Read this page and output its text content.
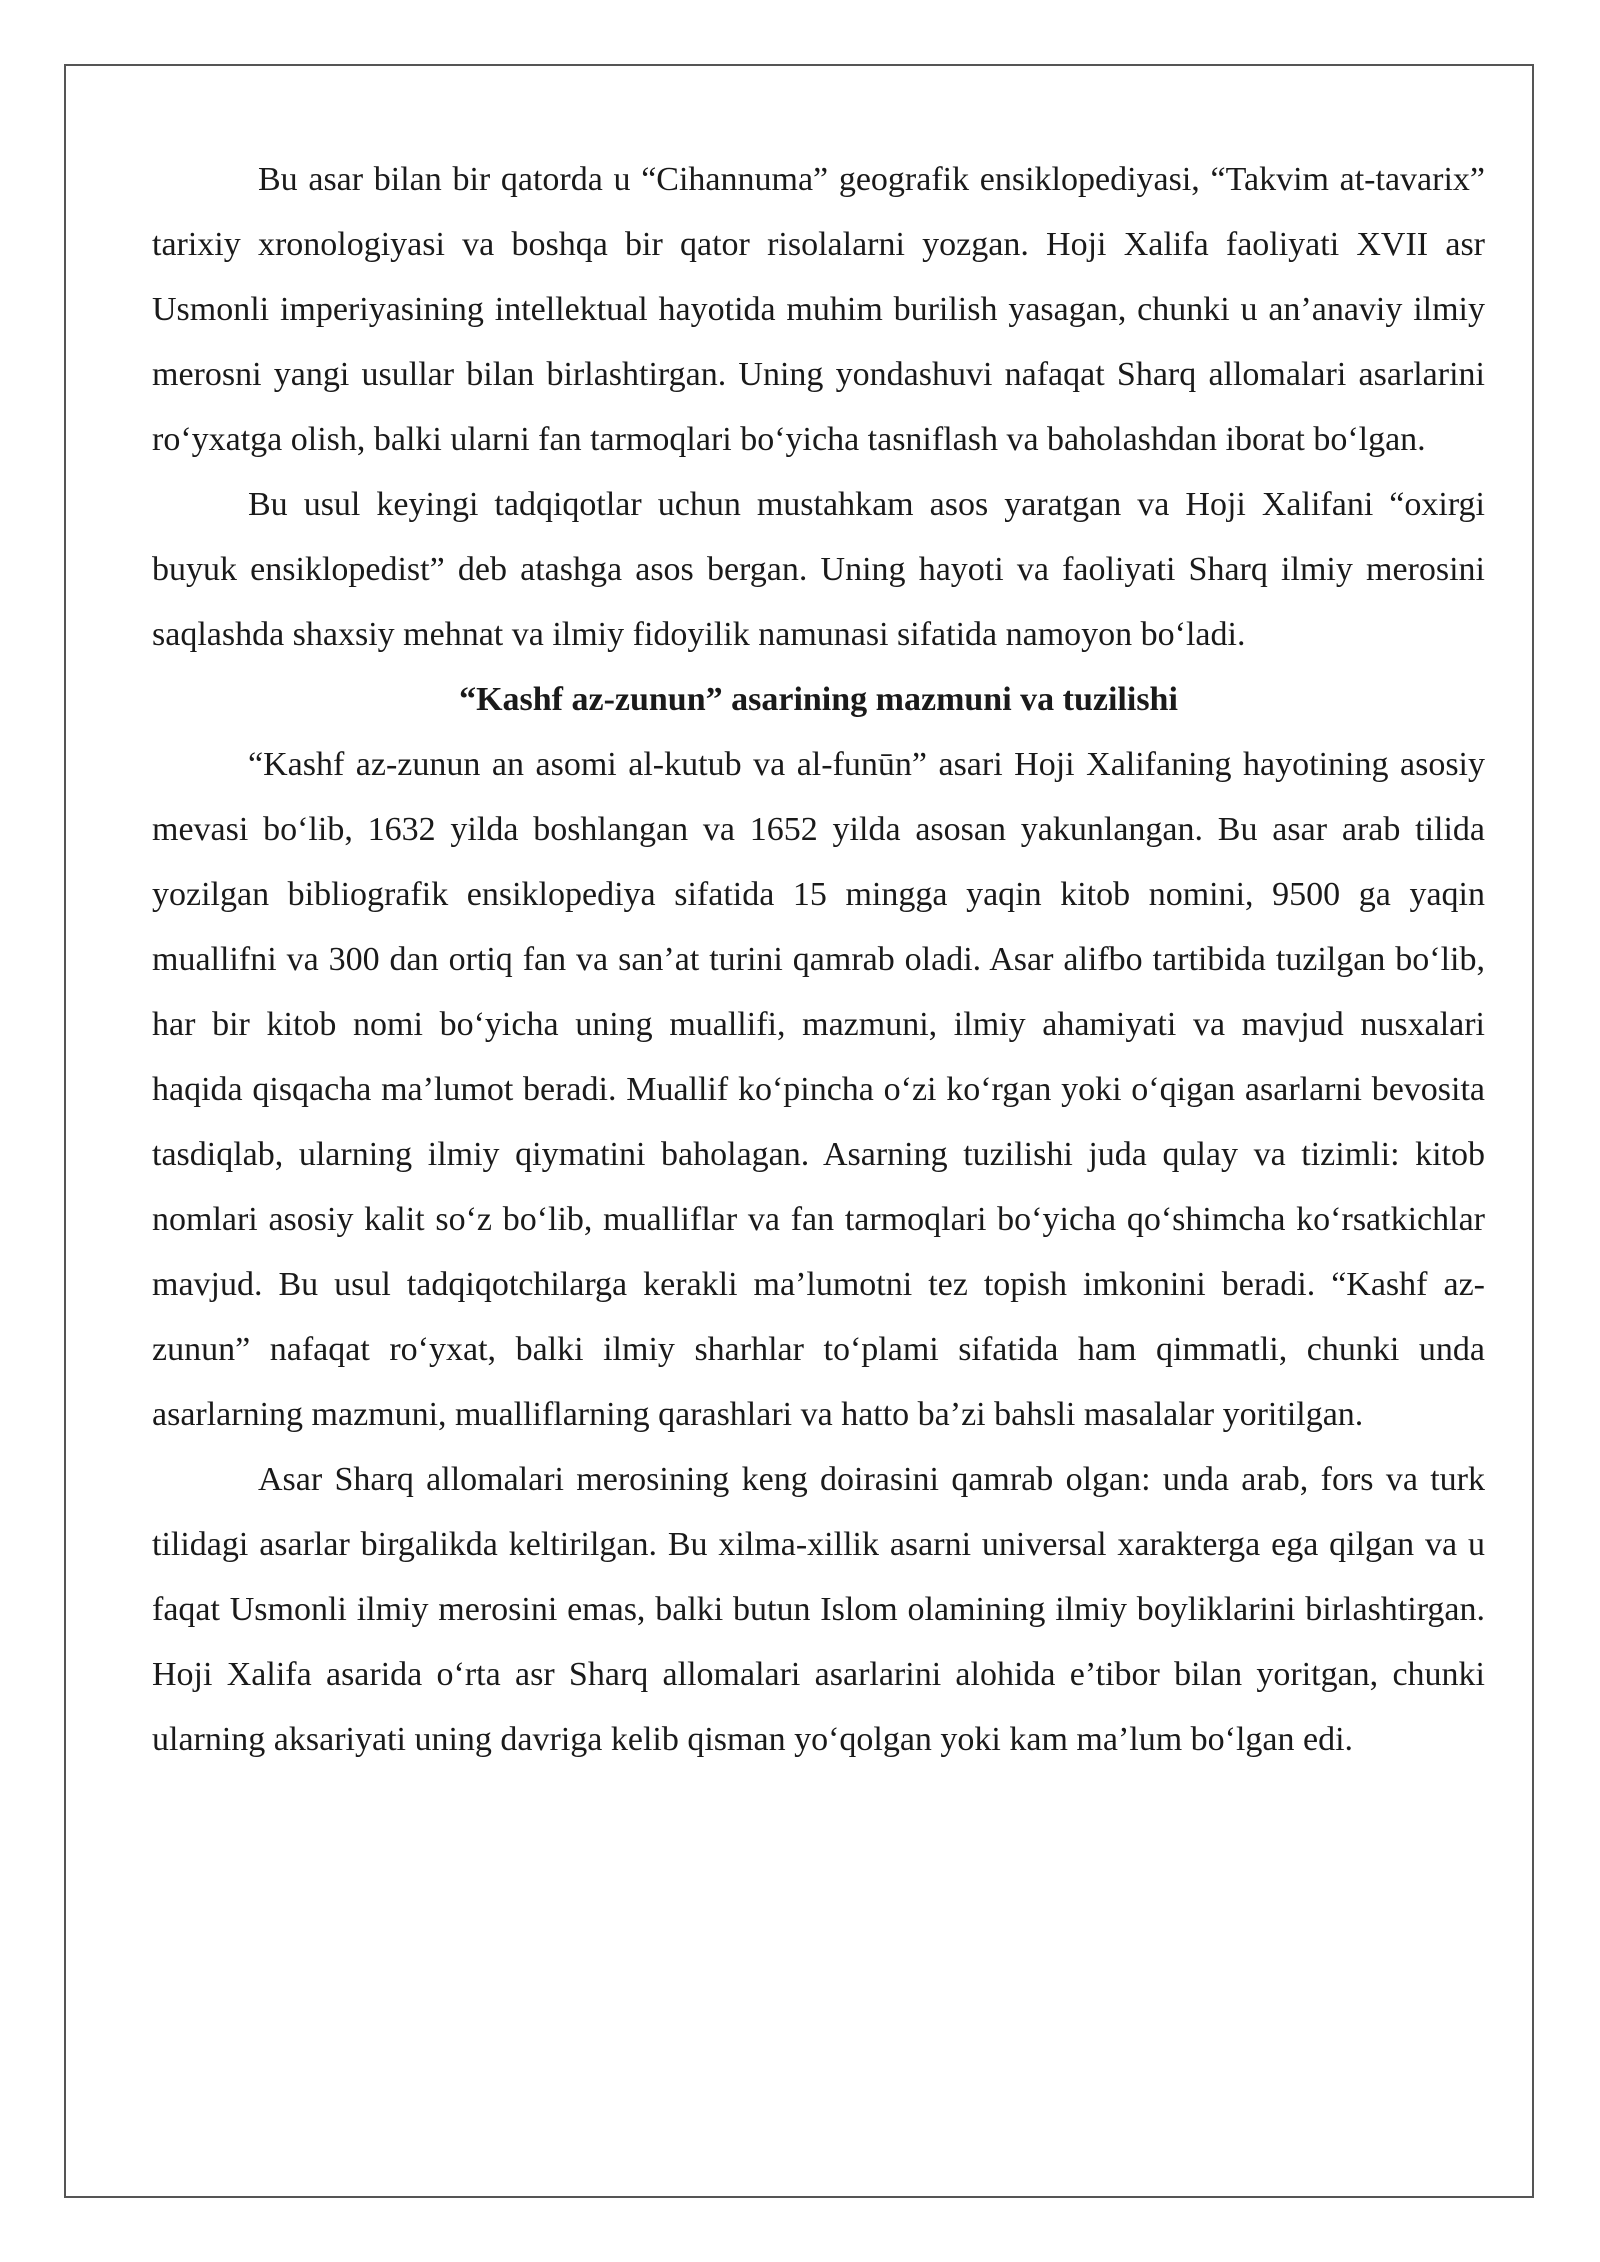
Bu asar bilan bir qatorda u “Cihannuma” geografik ensiklopediyasi, “Takvim at-tavarix” tarixiy xronologiyasi va boshqa bir qator risolalarni yozgan. Hoji Xalifa faoliyati XVII asr Usmonli imperiyasining intellektual hayotida muhim burilish yasagan, chunki u an’anaviy ilmiy merosni yangi usullar bilan birlashtirgan. Uning yondashuvi nafaqat Sharq allomalari asarlarini ro‘yxatga olish, balki ularni fan tarmoqlari bo‘yicha tasniflash va baholashdan iborat bo‘lgan.

Bu usul keyingi tadqiqotlar uchun mustahkam asos yaratgan va Hoji Xalifani “oxirgi buyuk ensiklopedist” deb atashga asos bergan. Uning hayoti va faoliyati Sharq ilmiy merosini saqlashda shaxsiy mehnat va ilmiy fidoyilik namunasi sifatida namoyon bo‘ladi.

“Kashf az-zunun” asarining mazmuni va tuzilishi

“Kashf az-zunun an asomi al-kutub va al-funūn” asari Hoji Xalifaning hayotining asosiy mevasi bo‘lib, 1632 yilda boshlangan va 1652 yilda asosan yakunlangan. Bu asar arab tilida yozilgan bibliografik ensiklopediya sifatida 15 mingga yaqin kitob nomini, 9500 ga yaqin muallifni va 300 dan ortiq fan va san’at turini qamrab oladi. Asar alifbo tartibida tuzilgan bo‘lib, har bir kitob nomi bo‘yicha uning muallifi, mazmuni, ilmiy ahamiyati va mavjud nusxalari haqida qisqacha ma’lumot beradi. Muallif ko‘pincha o‘zi ko‘rgan yoki o‘qigan asarlarni bevosita tasdiqlab, ularning ilmiy qiymatini baholagan. Asarning tuzilishi juda qulay va tizimli: kitob nomlari asosiy kalit so‘z bo‘lib, mualliflar va fan tarmoqlari bo‘yicha qo‘shimcha ko‘rsatkichlar mavjud. Bu usul tadqiqotchilarga kerakli ma’lumotni tez topish imkonini beradi. “Kashf az-zunun” nafaqat ro‘yxat, balki ilmiy sharhlar to‘plami sifatida ham qimmatli, chunki unda asarlarning mazmuni, mualliflarning qarashlari va hatto ba’zi bahsli masalalar yoritilgan.

Asar Sharq allomalari merosining keng doirasini qamrab olgan: unda arab, fors va turk tilidagi asarlar birgalikda keltirilgan. Bu xilma-xillik asarni universal xarakterga ega qilgan va u faqat Usmonli ilmiy merosini emas, balki butun Islom olamining ilmiy boyliklarini birlashtirgan. Hoji Xalifa asarida o‘rta asr Sharq allomalari asarlarini alohida e’tibor bilan yoritgan, chunki ularning aksariyati uning davriga kelib qisman yo‘qolgan yoki kam ma’lum bo‘lgan edi.
